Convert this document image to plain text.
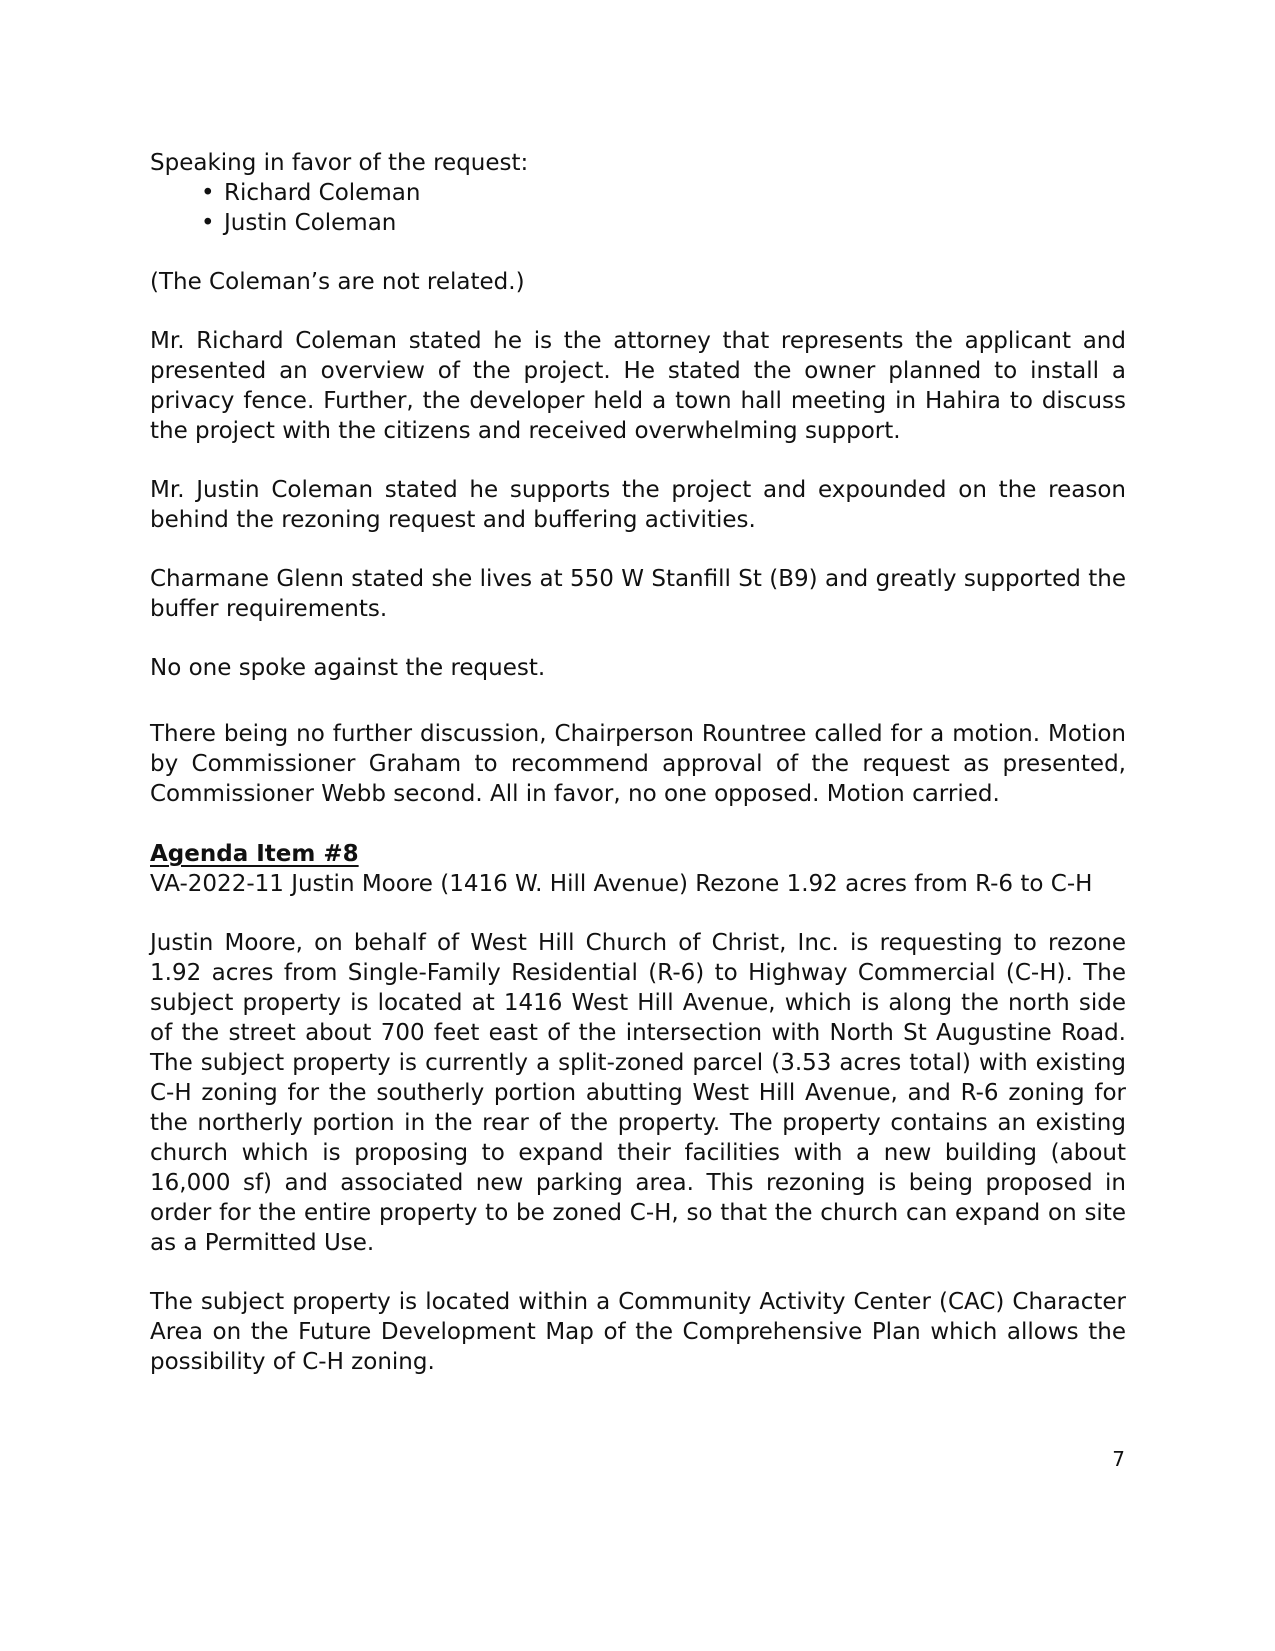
Speaking in favor of the request:

• Richard Coleman
• Justin Coleman

(The Coleman’s are not related.)

Mr. Richard Coleman stated he is the attorney that represents the applicant and presented an overview of the project. He stated the owner planned to install a privacy fence. Further, the developer held a town hall meeting in Hahira to discuss the project with the citizens and received overwhelming support.

Mr. Justin Coleman stated he supports the project and expounded on the reason behind the rezoning request and buffering activities.

Charmane Glenn stated she lives at 550 W Stanfill St (B9) and greatly supported the buffer requirements.

No one spoke against the request.

There being no further discussion, Chairperson Rountree called for a motion. Motion by Commissioner Graham to recommend approval of the request as presented, Commissioner Webb second. All in favor, no one opposed. Motion carried.

Agenda Item #8

VA-2022-11 Justin Moore (1416 W. Hill Avenue) Rezone 1.92 acres from R-6 to C-H

Justin Moore, on behalf of West Hill Church of Christ, Inc. is requesting to rezone 1.92 acres from Single-Family Residential (R-6) to Highway Commercial (C-H). The subject property is located at 1416 West Hill Avenue, which is along the north side of the street about 700 feet east of the intersection with North St Augustine Road. The subject property is currently a split-zoned parcel (3.53 acres total) with existing C-H zoning for the southerly portion abutting West Hill Avenue, and R-6 zoning for the northerly portion in the rear of the property. The property contains an existing church which is proposing to expand their facilities with a new building (about 16,000 sf) and associated new parking area. This rezoning is being proposed in order for the entire property to be zoned C-H, so that the church can expand on site as a Permitted Use.

The subject property is located within a Community Activity Center (CAC) Character Area on the Future Development Map of the Comprehensive Plan which allows the possibility of C-H zoning.

7
